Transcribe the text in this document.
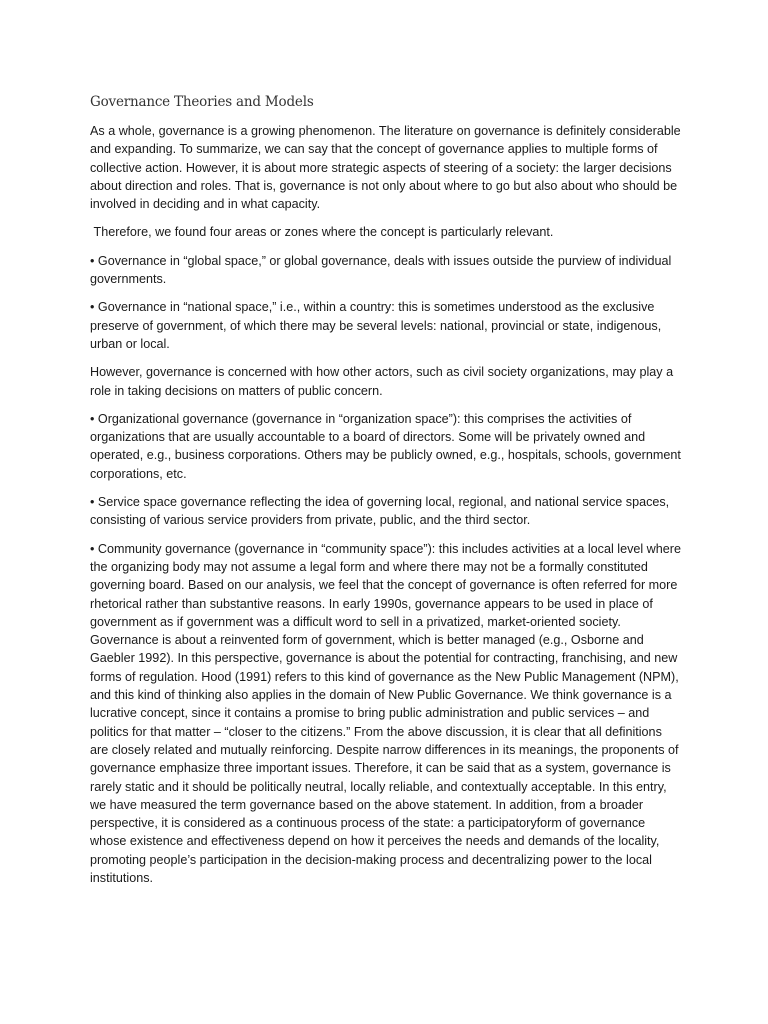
Governance Theories and Models

As a whole, governance is a growing phenomenon. The literature on governance is definitely considerable and expanding. To summarize, we can say that the concept of governance applies to multiple forms of collective action. However, it is about more strategic aspects of steering of a society: the larger decisions about direction and roles. That is, governance is not only about where to go but also about who should be involved in deciding and in what capacity.

Therefore, we found four areas or zones where the concept is particularly relevant.

• Governance in “global space,” or global governance, deals with issues outside the purview of individual governments.

• Governance in “national space,” i.e., within a country: this is sometimes understood as the exclusive preserve of government, of which there may be several levels: national, provincial or state, indigenous, urban or local.

However, governance is concerned with how other actors, such as civil society organizations, may play a role in taking decisions on matters of public concern.

• Organizational governance (governance in “organization space”): this comprises the activities of organizations that are usually accountable to a board of directors. Some will be privately owned and operated, e.g., business corporations. Others may be publicly owned, e.g., hospitals, schools, government corporations, etc.

• Service space governance reflecting the idea of governing local, regional, and national service spaces, consisting of various service providers from private, public, and the third sector.

• Community governance (governance in “community space”): this includes activities at a local level where the organizing body may not assume a legal form and where there may not be a formally constituted governing board. Based on our analysis, we feel that the concept of governance is often referred for more rhetorical rather than substantive reasons. In early 1990s, governance appears to be used in place of government as if government was a difficult word to sell in a privatized, market-oriented society. Governance is about a reinvented form of government, which is better managed (e.g., Osborne and Gaebler 1992). In this perspective, governance is about the potential for contracting, franchising, and new forms of regulation. Hood (1991) refers to this kind of governance as the New Public Management (NPM), and this kind of thinking also applies in the domain of New Public Governance. We think governance is a lucrative concept, since it contains a promise to bring public administration and public services – and politics for that matter – “closer to the citizens.” From the above discussion, it is clear that all definitions are closely related and mutually reinforcing. Despite narrow differences in its meanings, the proponents of governance emphasize three important issues. Therefore, it can be said that as a system, governance is rarely static and it should be politically neutral, locally reliable, and contextually acceptable. In this entry, we have measured the term governance based on the above statement. In addition, from a broader perspective, it is considered as a continuous process of the state: a participatoryform of governance whose existence and effectiveness depend on how it perceives the needs and demands of the locality, promoting people’s participation in the decision-making process and decentralizing power to the local institutions.
